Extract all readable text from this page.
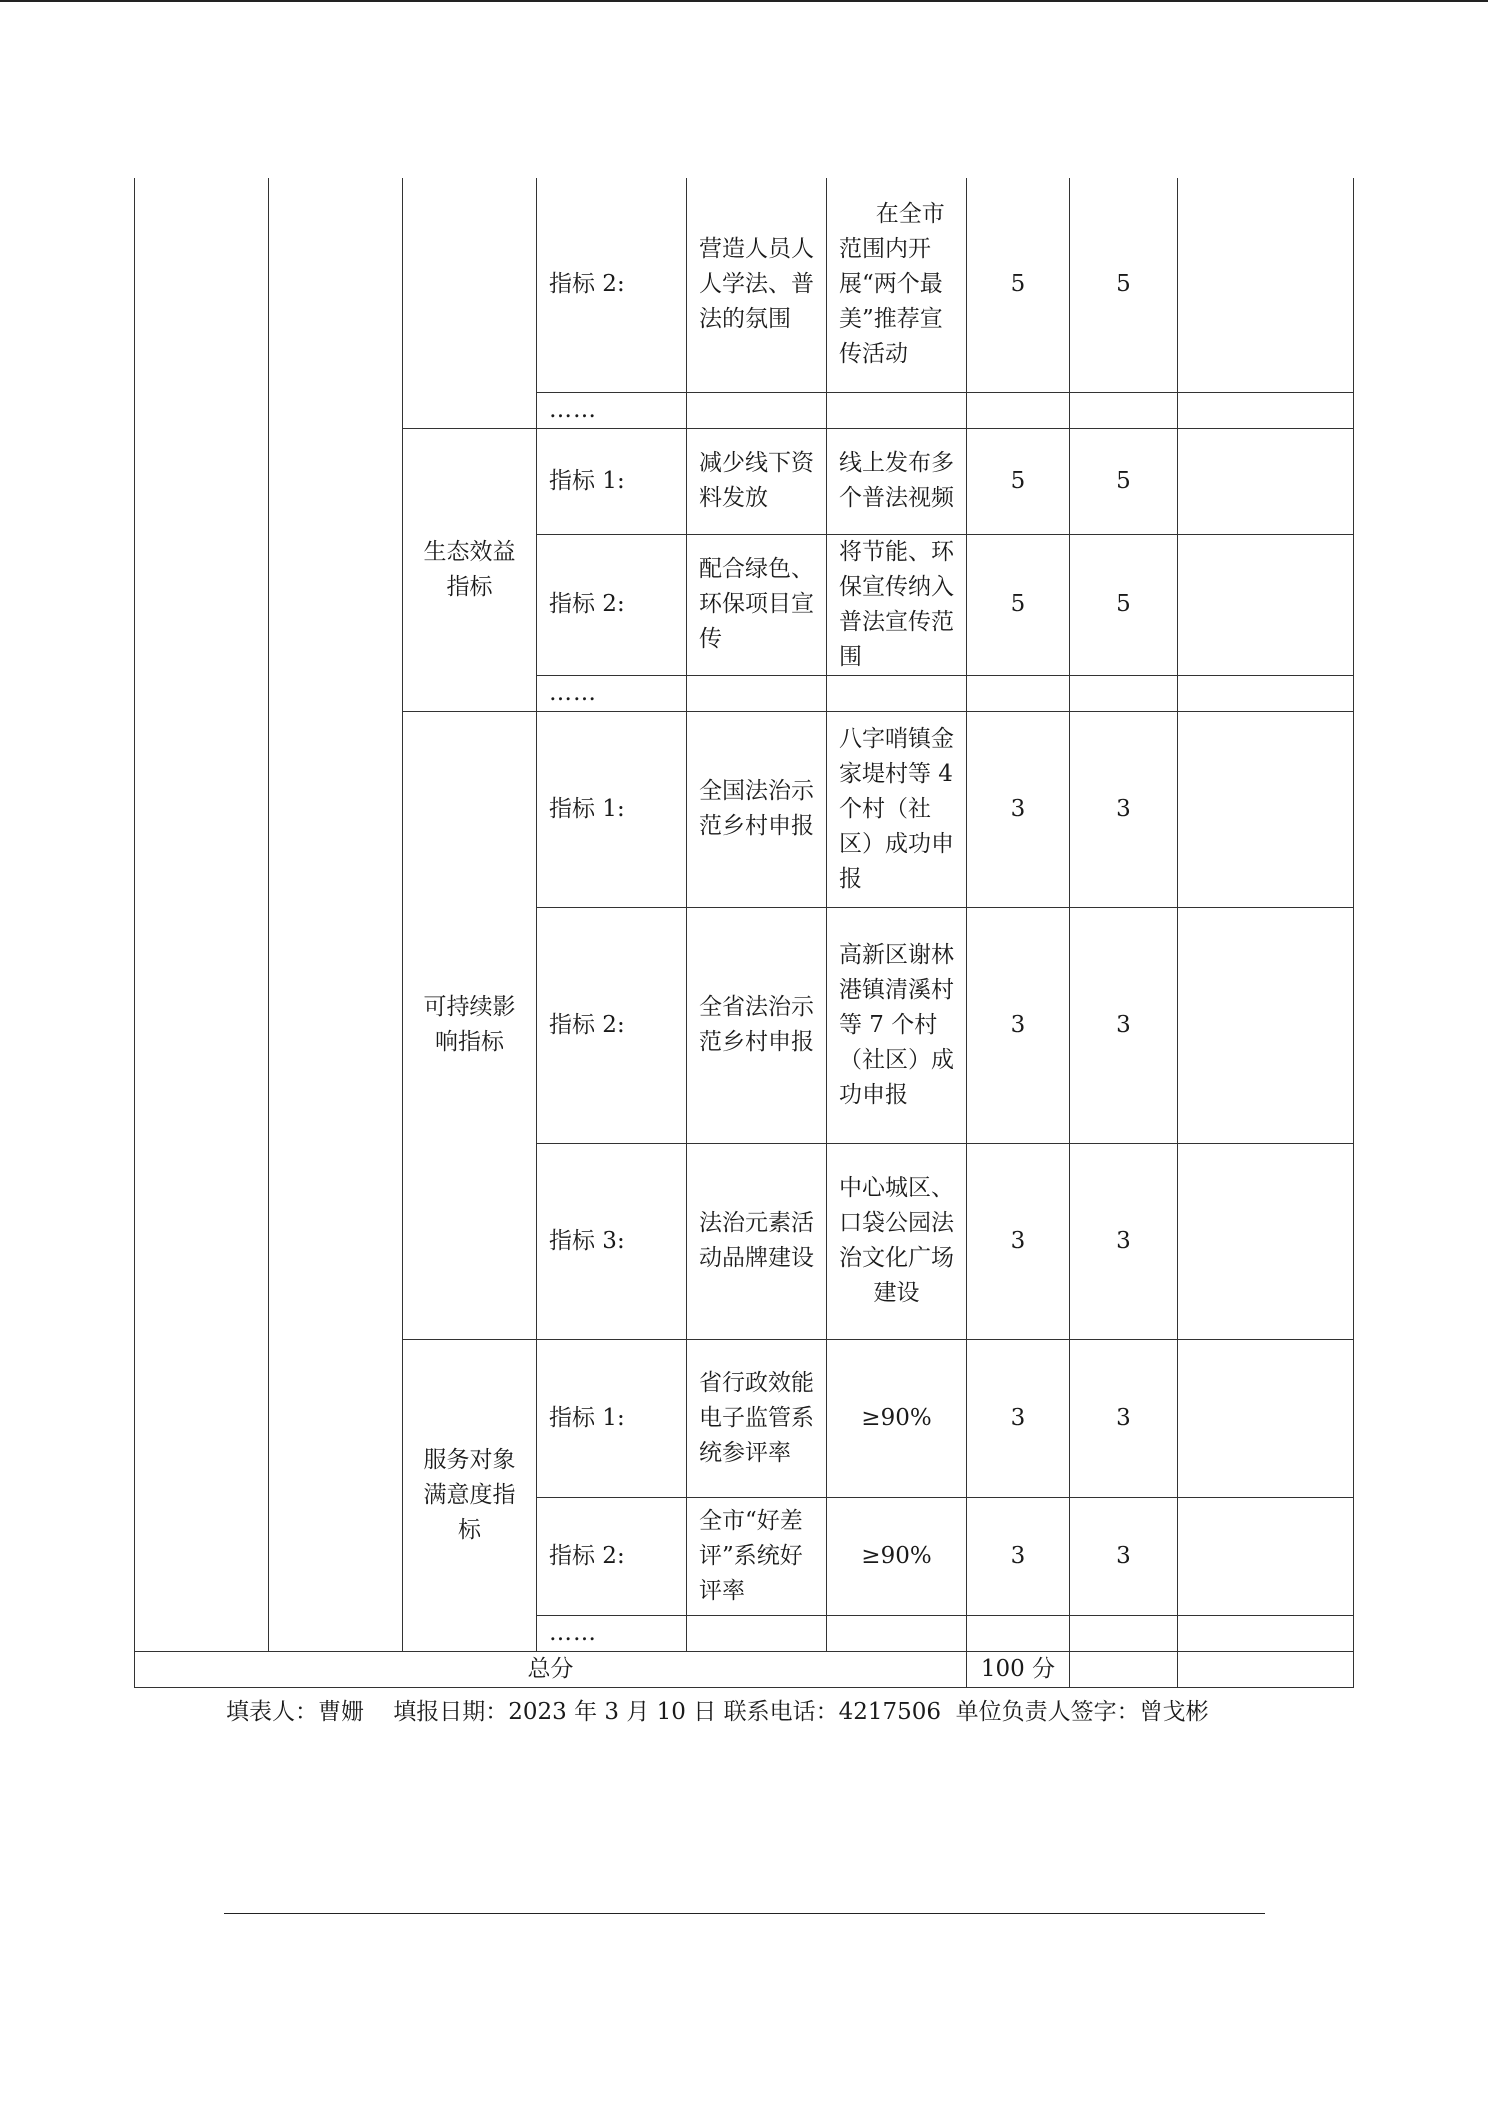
			指标 2:	营造人员人人学法、普法的氛围	在全市范围内开展“两个最美”推荐宣传活动	5	5	
			……					
		生态效益指标	指标 1:	减少线下资料发放	线上发布多个普法视频	5	5	
			指标 2:	配合绿色、环保项目宣传	将节能、环保宣传纳入普法宣传范围	5	5	
			……					
		可持续影响指标	指标 1:	全国法治示范乡村申报	八字哨镇金家堤村等 4 个村（社区）成功申报	3	3	
			指标 2:	全省法治示范乡村申报	高新区谢林港镇清溪村等 7 个村（社区）成功申报	3	3	
			指标 3:	法治元素活动品牌建设	中心城区、口袋公园法治文化广场建设	3	3	
		服务对象满意度指标	指标 1:	省行政效能电子监管系统参评率	≥90%	3	3	
			指标 2:	全市“好差评”系统好评率	≥90%	3	3	
			……					
总分						100 分		
填表人：曹姗 填报日期：2023 年 3 月 10 日 联系电话：4217506 单位负责人签字：曾戈彬
